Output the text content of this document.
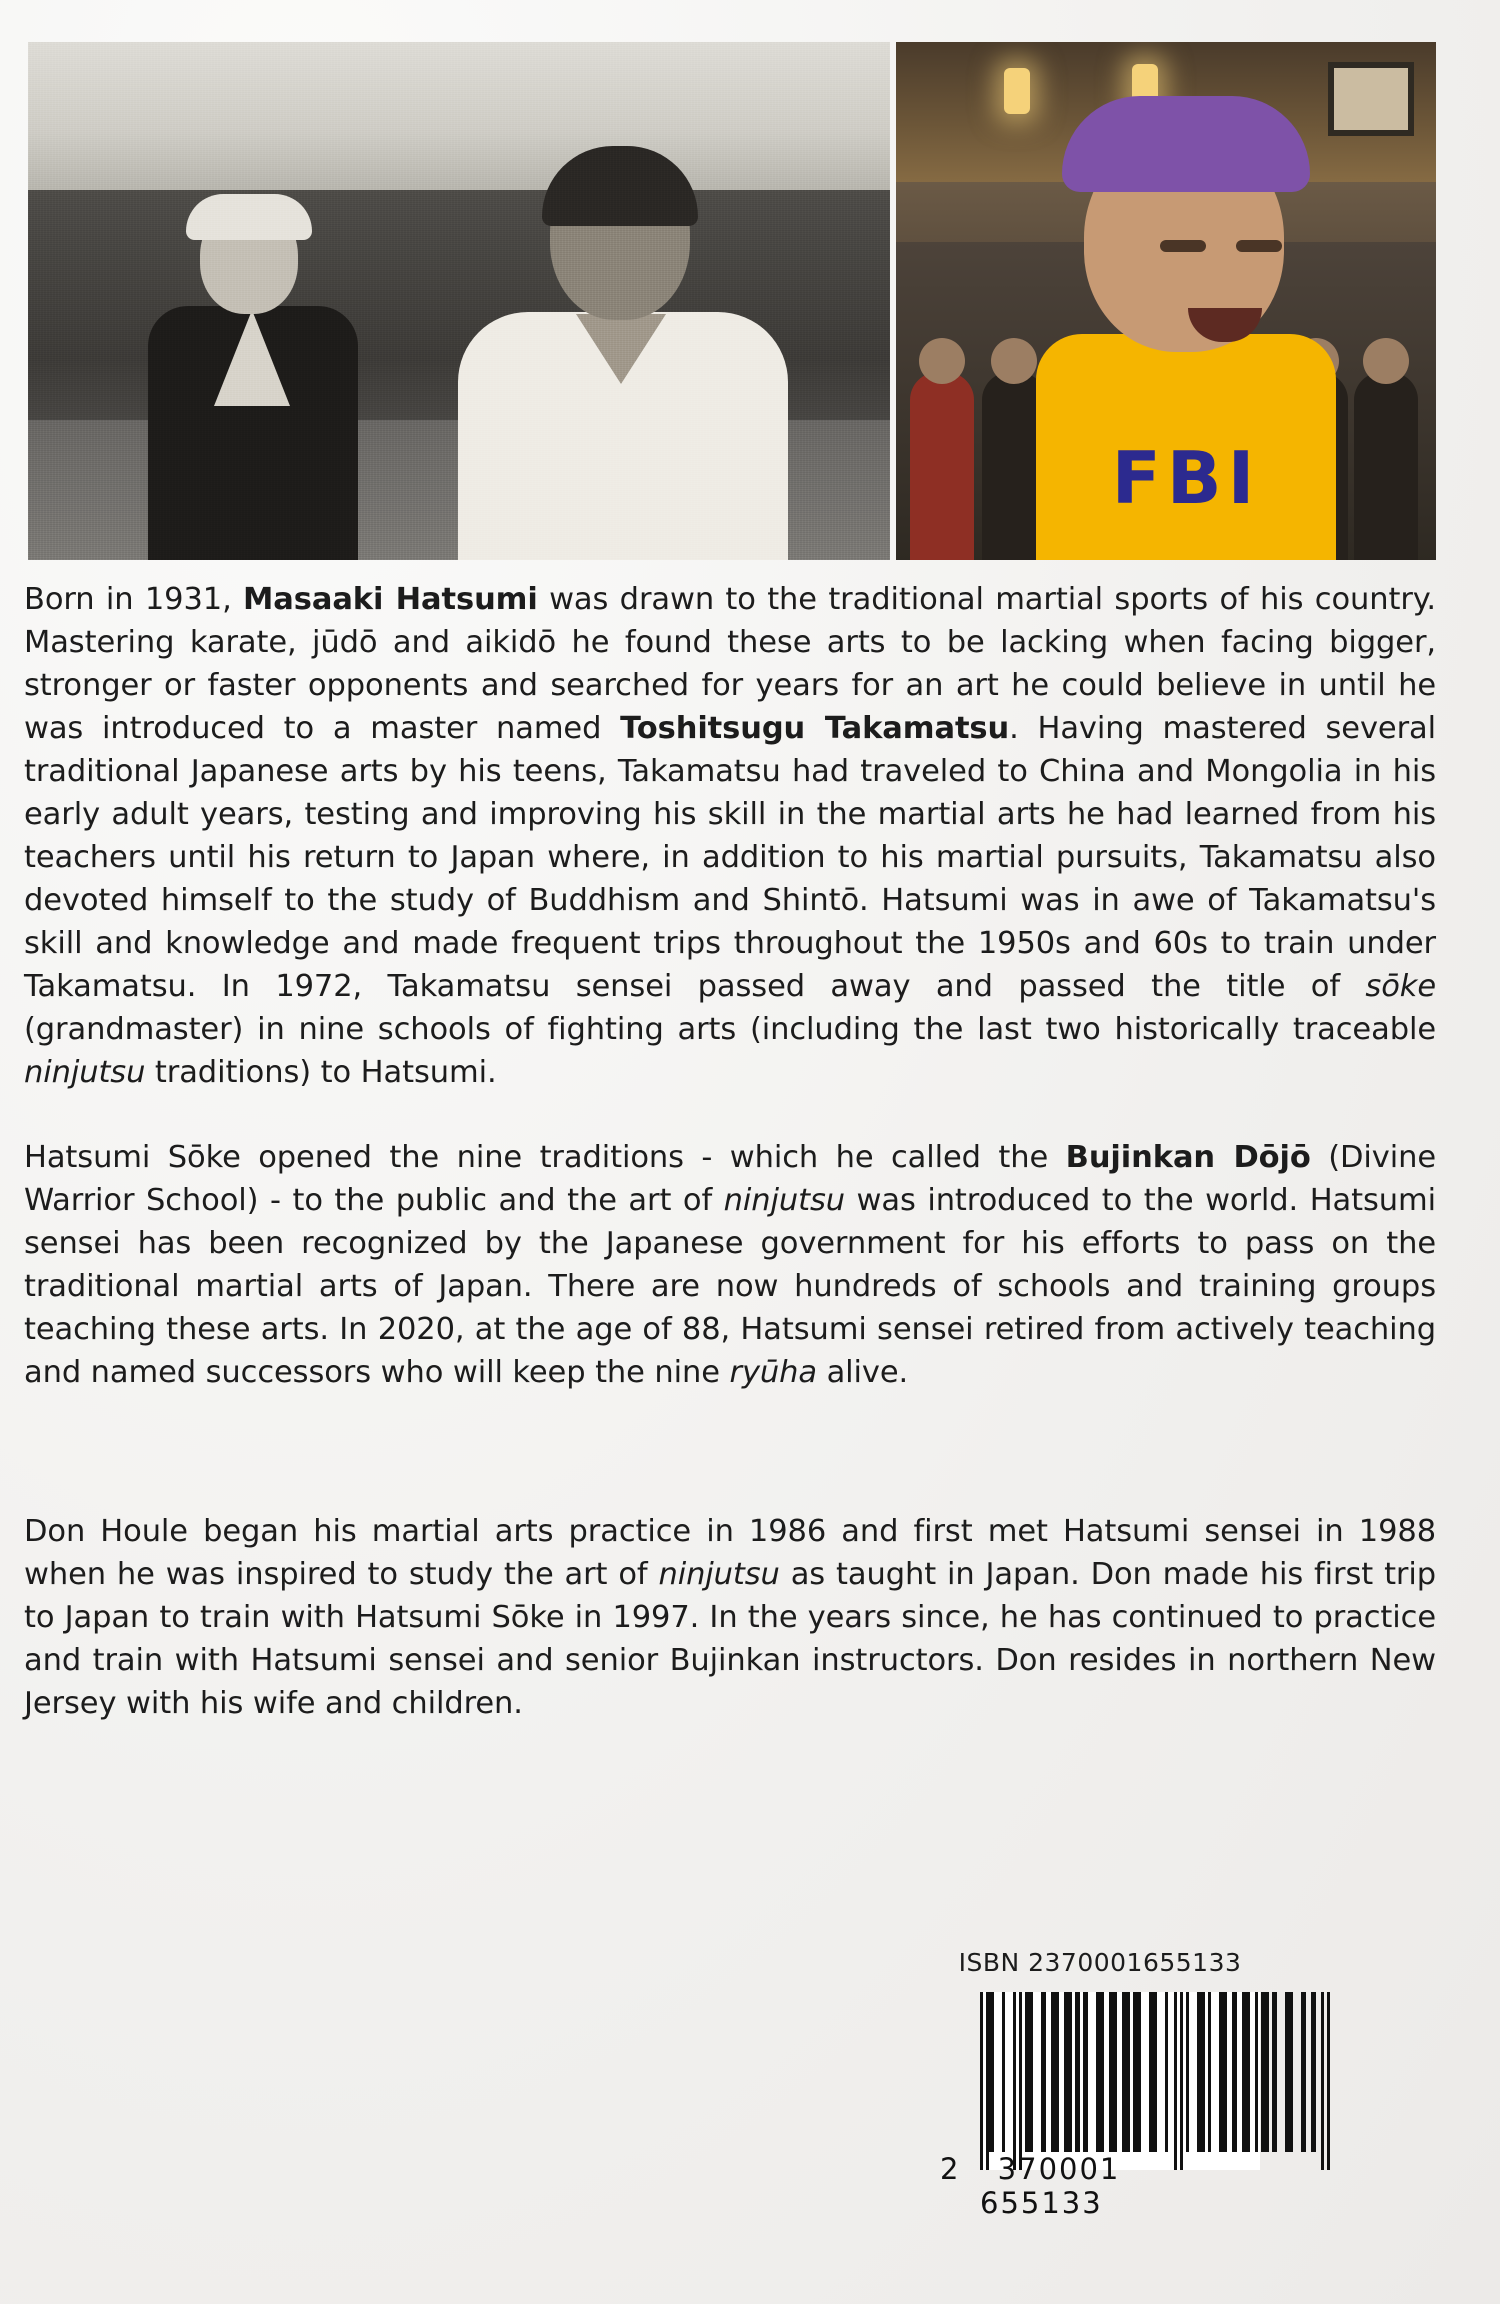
FBI

Born in 1931, Masaaki Hatsumi was drawn to the traditional martial sports of his country. Mastering karate, jūdō and aikidō he found these arts to be lacking when facing bigger, stronger or faster opponents and searched for years for an art he could believe in until he was introduced to a master named Toshitsugu Takamatsu. Having mastered several traditional Japanese arts by his teens, Takamatsu had traveled to China and Mongolia in his early adult years, testing and improving his skill in the martial arts he had learned from his teachers until his return to Japan where, in addition to his martial pursuits, Takamatsu also devoted himself to the study of Buddhism and Shintō. Hatsumi was in awe of Takamatsu's skill and knowledge and made frequent trips throughout the 1950s and 60s to train under Takamatsu. In 1972, Takamatsu sensei passed away and passed the title of sōke (grandmaster) in nine schools of fighting arts (including the last two historically traceable ninjutsu traditions) to Hatsumi.

Hatsumi Sōke opened the nine traditions - which he called the Bujinkan Dōjō (Divine Warrior School) - to the public and the art of ninjutsu was introduced to the world. Hatsumi sensei has been recognized by the Japanese government for his efforts to pass on the traditional martial arts of Japan. There are now hundreds of schools and training groups teaching these arts. In 2020, at the age of 88, Hatsumi sensei retired from actively teaching and named successors who will keep the nine ryūha alive.

Don Houle began his martial arts practice in 1986 and first met Hatsumi sensei in 1988 when he was inspired to study the art of ninjutsu as taught in Japan. Don made his first trip to Japan to train with Hatsumi Sōke in 1997. In the years since, he has continued to practice and train with Hatsumi sensei and senior Bujinkan instructors. Don resides in northern New Jersey with his wife and children.

ISBN 2370001655133
2 370001 655133
